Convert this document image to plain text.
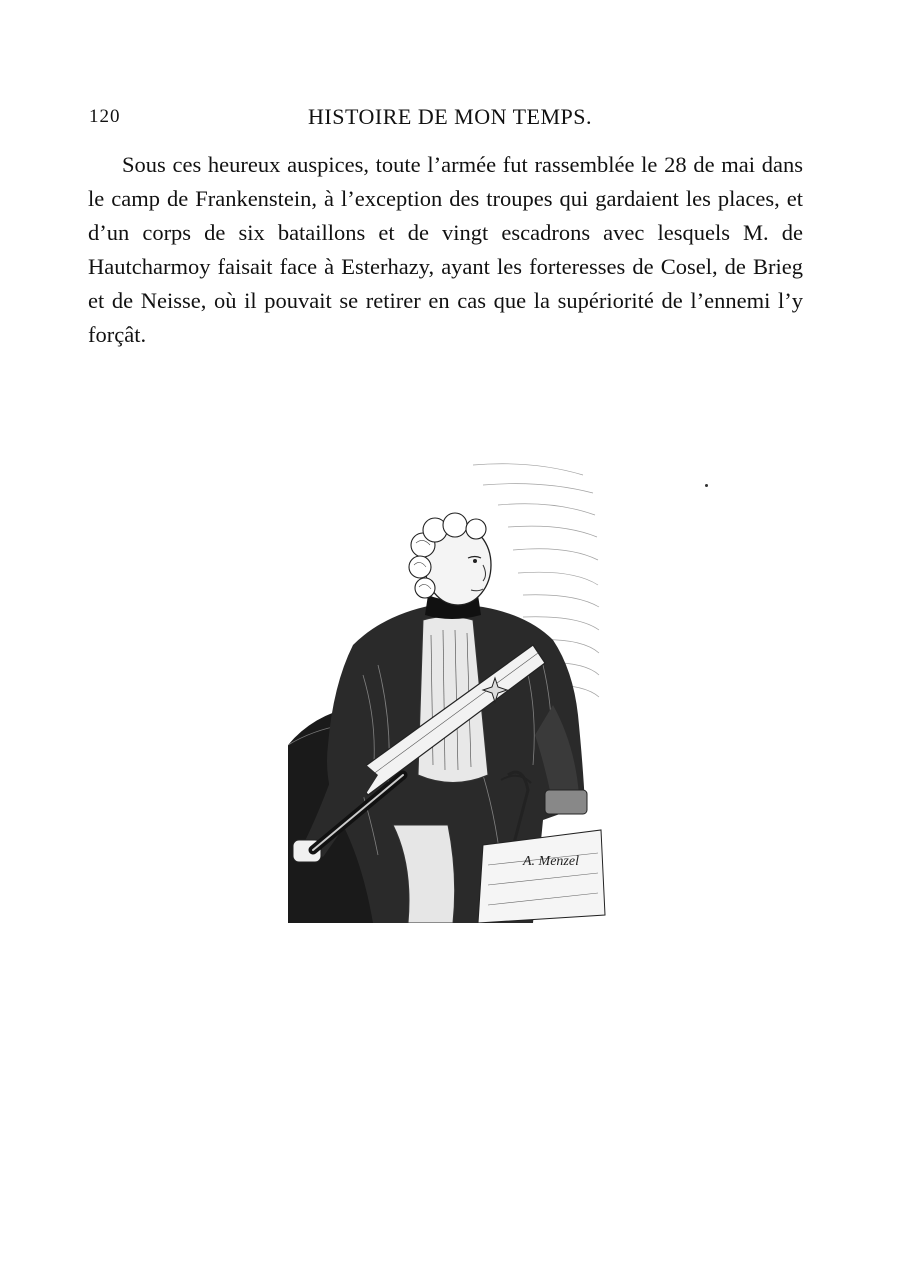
120	HISTOIRE DE MON TEMPS.

Sous ces heureux auspices, toute l’armée fut rassemblée le 28 de mai dans le camp de Frankenstein, à l’exception des troupes qui gardaient les places, et d’un corps de six bataillons et de vingt escadrons avec lesquels M. de Hautcharmoy faisait face à Esterhazy, ayant les forteresses de Cosel, de Brieg et de Neisse, où il pouvait se retirer en cas que la supériorité de l’ennemi l’y forçât.

A. Menzel
